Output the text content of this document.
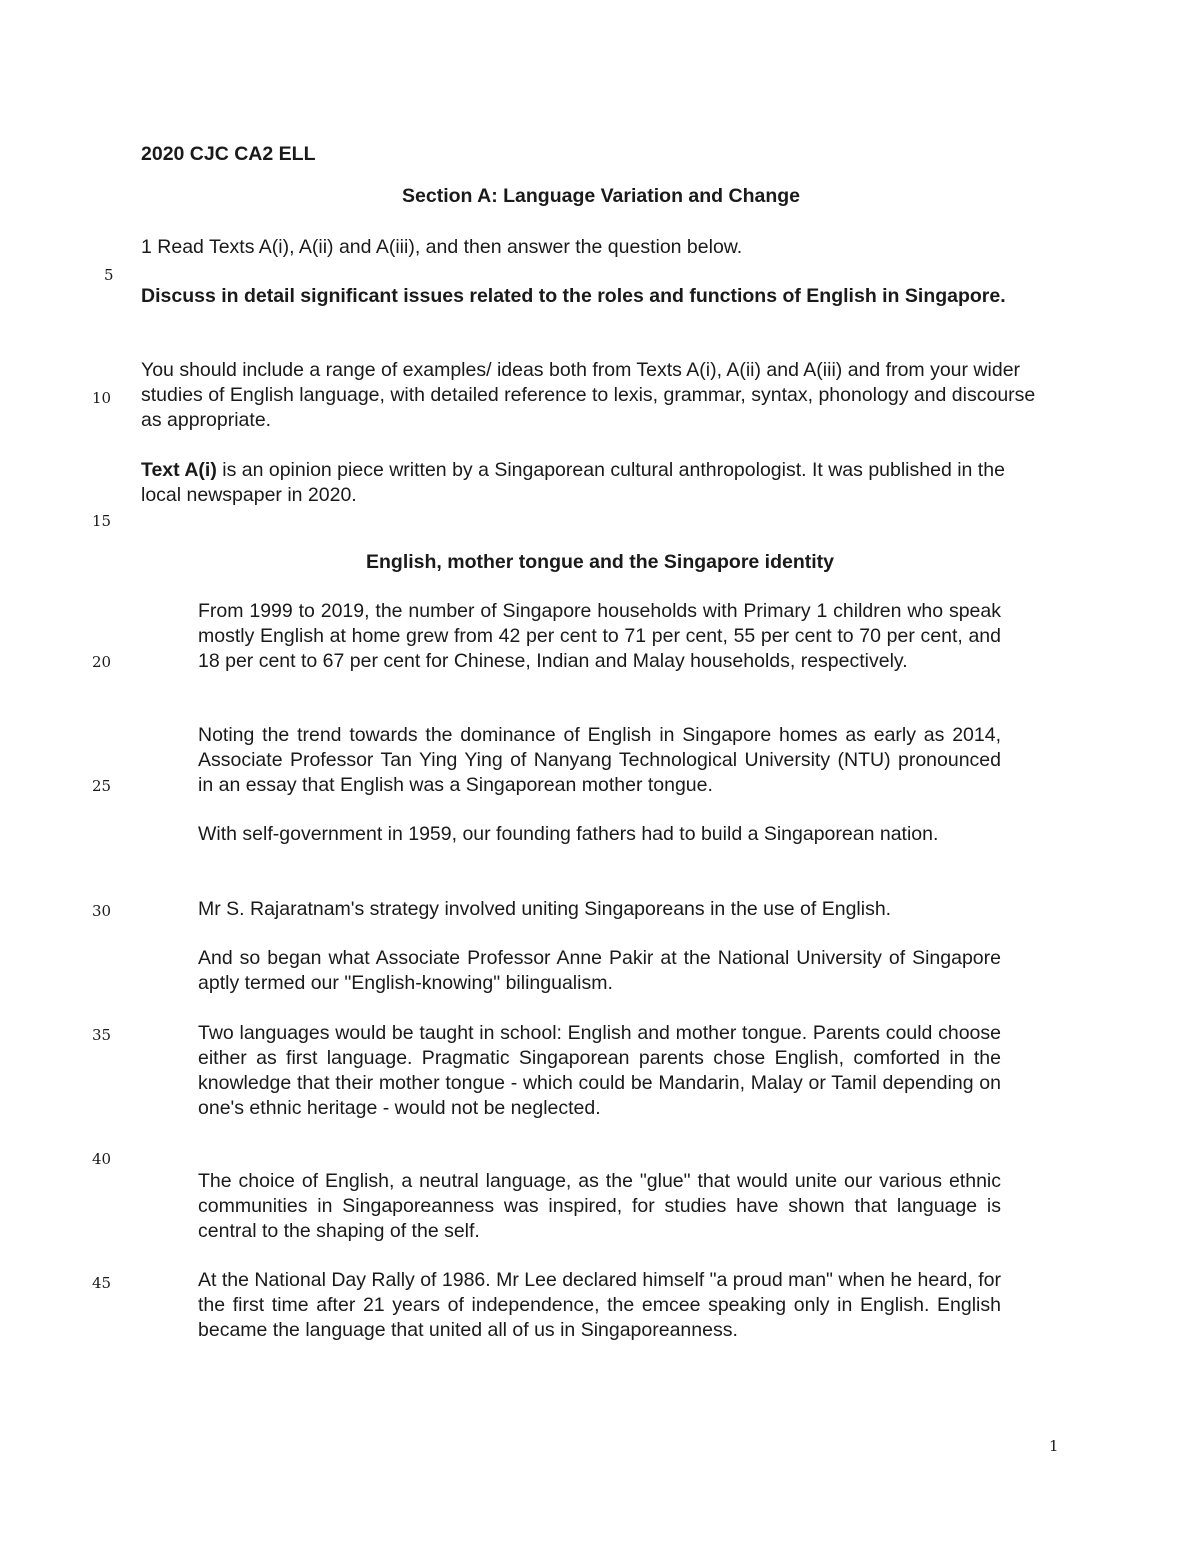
2020 CJC CA2 ELL
Section A: Language Variation and Change
1 Read Texts A(i), A(ii) and A(iii), and then answer the question below.
Discuss in detail significant issues related to the roles and functions of English in Singapore.
You should include a range of examples/ ideas both from Texts A(i), A(ii) and A(iii) and from your wider studies of English language, with detailed reference to lexis, grammar, syntax, phonology and discourse as appropriate.
Text A(i) is an opinion piece written by a Singaporean cultural anthropologist. It was published in the local newspaper in 2020.
English, mother tongue and the Singapore identity
From 1999 to 2019, the number of Singapore households with Primary 1 children who speak mostly English at home grew from 42 per cent to 71 per cent, 55 per cent to 70 per cent, and 18 per cent to 67 per cent for Chinese, Indian and Malay households, respectively.
Noting the trend towards the dominance of English in Singapore homes as early as 2014, Associate Professor Tan Ying Ying of Nanyang Technological University (NTU) pronounced in an essay that English was a Singaporean mother tongue.
With self-government in 1959, our founding fathers had to build a Singaporean nation.
Mr S. Rajaratnam's strategy involved uniting Singaporeans in the use of English.
And so began what Associate Professor Anne Pakir at the National University of Singapore aptly termed our "English-knowing" bilingualism.
Two languages would be taught in school: English and mother tongue. Parents could choose either as first language. Pragmatic Singaporean parents chose English, comforted in the knowledge that their mother tongue - which could be Mandarin, Malay or Tamil depending on one's ethnic heritage - would not be neglected.
The choice of English, a neutral language, as the "glue" that would unite our various ethnic communities in Singaporeanness was inspired, for studies have shown that language is central to the shaping of the self.
At the National Day Rally of 1986. Mr Lee declared himself "a proud man" when he heard, for the first time after 21 years of independence, the emcee speaking only in English. English became the language that united all of us in Singaporeanness.
5
10
15
20
25
30
35
40
45
1
